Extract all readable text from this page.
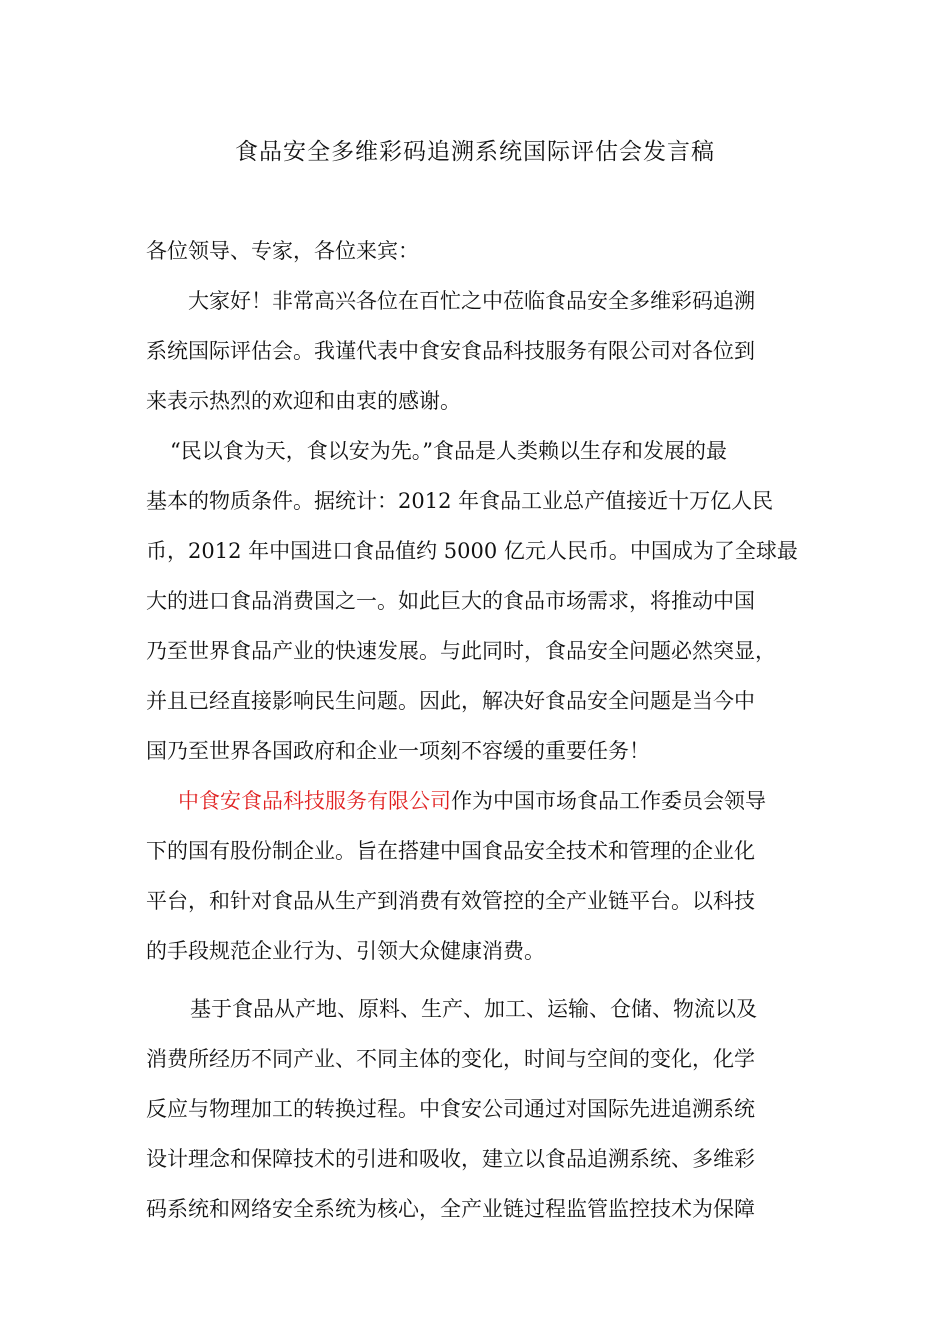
食品安全多维彩码追溯系统国际评估会发言稿
各位领导、专家，各位来宾：
大家好！非常高兴各位在百忙之中莅临食品安全多维彩码追溯
系统国际评估会。我谨代表中食安食品科技服务有限公司对各位到
来表示热烈的欢迎和由衷的感谢。
“民以食为天，食以安为先。”食品是人类赖以生存和发展的最
基本的物质条件。据统计：2012 年食品工业总产值接近十万亿人民
币，2012 年中国进口食品值约 5000 亿元人民币。中国成为了全球最
大的进口食品消费国之一。如此巨大的食品市场需求，将推动中国
乃至世界食品产业的快速发展。与此同时，食品安全问题必然突显，
并且已经直接影响民生问题。因此，解决好食品安全问题是当今中
国乃至世界各国政府和企业一项刻不容缓的重要任务！
中食安食品科技服务有限公司作为中国市场食品工作委员会领导
下的国有股份制企业。旨在搭建中国食品安全技术和管理的企业化
平台，和针对食品从生产到消费有效管控的全产业链平台。以科技
的手段规范企业行为、引领大众健康消费。
基于食品从产地、原料、生产、加工、运输、仓储、物流以及
消费所经历不同产业、不同主体的变化，时间与空间的变化，化学
反应与物理加工的转换过程。中食安公司通过对国际先进追溯系统
设计理念和保障技术的引进和吸收，建立以食品追溯系统、多维彩
码系统和网络安全系统为核心，全产业链过程监管监控技术为保障
